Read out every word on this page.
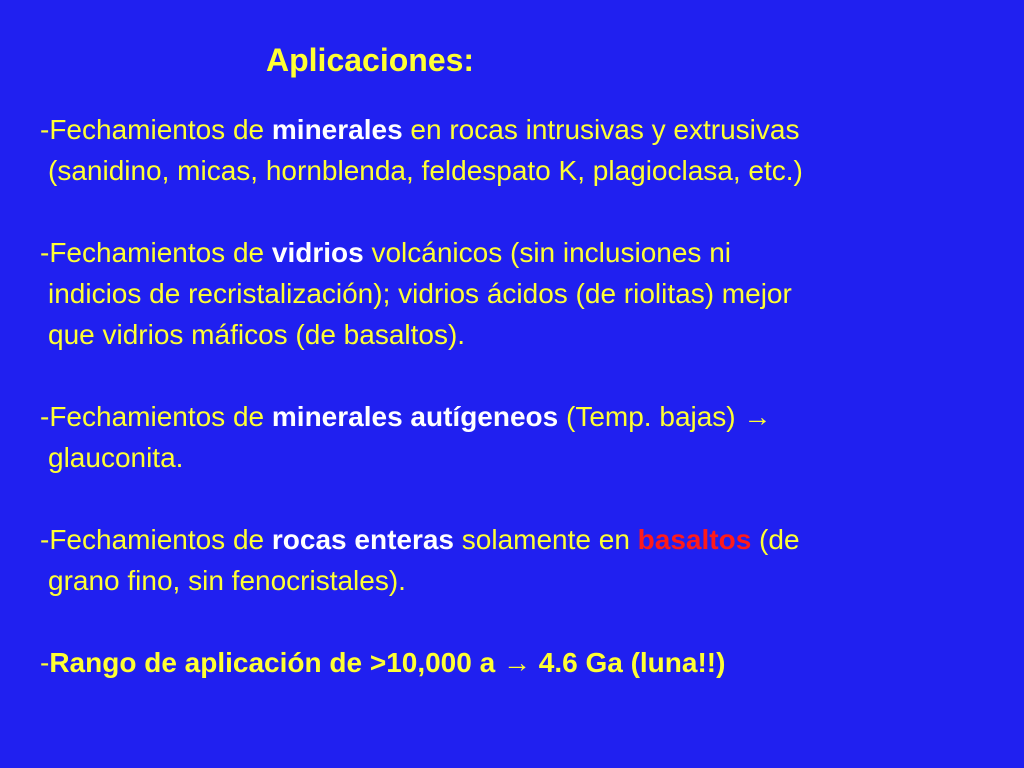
Aplicaciones:
-Fechamientos de minerales en rocas intrusivas y extrusivas
(sanidino, micas, hornblenda, feldespato K, plagioclasa, etc.)
-Fechamientos de vidrios volcánicos (sin inclusiones ni
indicios de recristalización); vidrios ácidos (de riolitas) mejor
que vidrios máficos (de basaltos).
-Fechamientos de minerales autígeneos (Temp. bajas) →
glauconita.
-Fechamientos de rocas enteras solamente en basaltos (de
grano fino, sin fenocristales).
-Rango de aplicación de >10,000 a → 4.6 Ga (luna!!)
